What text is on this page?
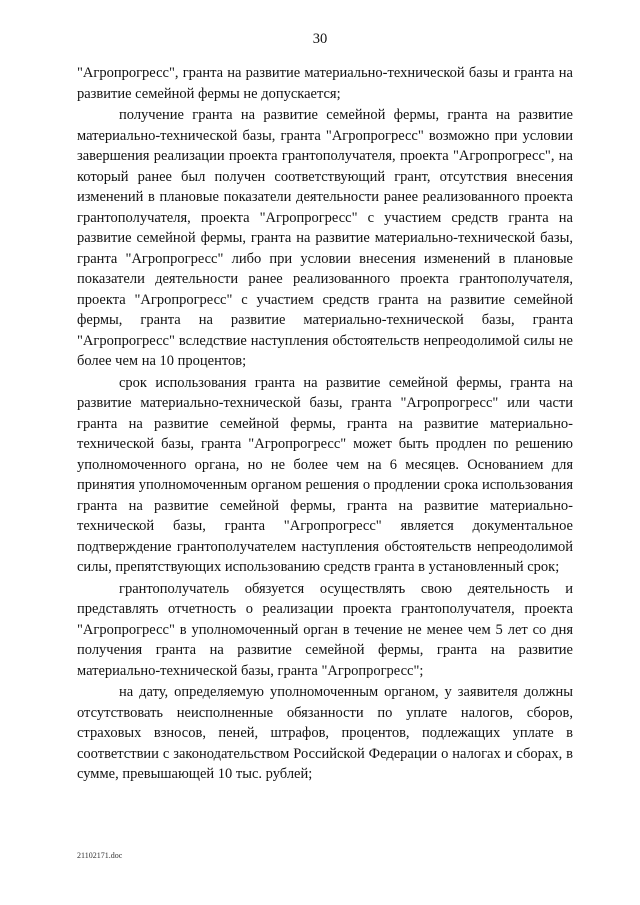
30

"Агропрогресс", гранта на развитие материально-технической базы и гранта на развитие семейной фермы не допускается;

получение гранта на развитие семейной фермы, гранта на развитие материально-технической базы, гранта "Агропрогресс" возможно при условии завершения реализации проекта грантополучателя, проекта "Агропрогресс", на который ранее был получен соответствующий грант, отсутствия внесения изменений в плановые показатели деятельности ранее реализованного проекта грантополучателя, проекта "Агропрогресс" с участием средств гранта на развитие семейной фермы, гранта на развитие материально-технической базы, гранта "Агропрогресс" либо при условии внесения изменений в плановые показатели деятельности ранее реализованного проекта грантополучателя, проекта "Агропрогресс" с участием средств гранта на развитие семейной фермы, гранта на развитие материально-технической базы, гранта "Агропрогресс" вследствие наступления обстоятельств непреодолимой силы не более чем на 10 процентов;

срок использования гранта на развитие семейной фермы, гранта на развитие материально-технической базы, гранта "Агропрогресс" или части гранта на развитие семейной фермы, гранта на развитие материально-технической базы, гранта "Агропрогресс" может быть продлен по решению уполномоченного органа, но не более чем на 6 месяцев. Основанием для принятия уполномоченным органом решения о продлении срока использования гранта на развитие семейной фермы, гранта на развитие материально-технической базы, гранта "Агропрогресс" является документальное подтверждение грантополучателем наступления обстоятельств непреодолимой силы, препятствующих использованию средств гранта в установленный срок;

грантополучатель обязуется осуществлять свою деятельность и представлять отчетность о реализации проекта грантополучателя, проекта "Агропрогресс" в уполномоченный орган в течение не менее чем 5 лет со дня получения гранта на развитие семейной фермы, гранта на развитие материально-технической базы, гранта "Агропрогресс";

на дату, определяемую уполномоченным органом, у заявителя должны отсутствовать неисполненные обязанности по уплате налогов, сборов, страховых взносов, пеней, штрафов, процентов, подлежащих уплате в соответствии с законодательством Российской Федерации о налогах и сборах, в сумме, превышающей 10 тыс. рублей;

21102171.doc
